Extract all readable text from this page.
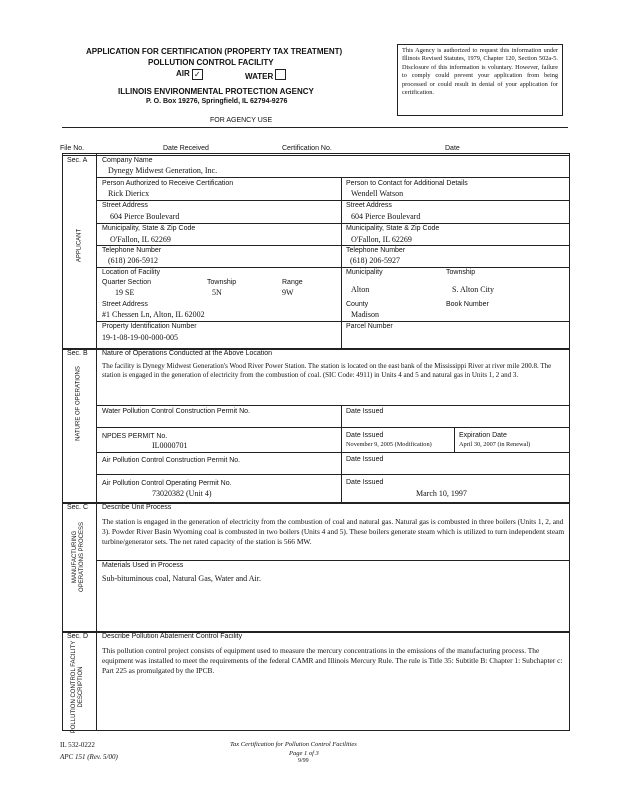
APPLICATION FOR CERTIFICATION (PROPERTY TAX TREATMENT)
POLLUTION CONTROL FACILITY
AIR ✓	WATER
ILLINOIS ENVIRONMENTAL PROTECTION AGENCY
P. O. Box 19276, Springfield, IL 62794-9276
This Agency is authorized to request this information under Illinois Revised Statutes, 1979, Chapter 120, Section 502a-5. Disclosure of this information is voluntary. However, failure to comply could prevent your application from being processed or could result in denial of your application for certification.
FOR AGENCY USE
File No.	Date Received	Certification No.	Date
Sec. A
APPLICANT
Company Name
Dynegy Midwest Generation, Inc.
Person Authorized to Receive Certification
Rick Diericx
Person to Contact for Additional Details
Wendell Watson
Street Address
604 Pierce Boulevard
Street Address
604 Pierce Boulevard
Municipality, State & Zip Code
O'Fallon, IL 62269
Municipality, State & Zip Code
O'Fallon, IL 62269
Telephone Number
(618) 206-5912
Telephone Number
(618) 206-5927
Location of Facility
Quarter Section
19 SE
Township
5N
Range
9W
Municipality
Alton
Township
S. Alton City
Street Address
#1 Chessen Ln, Alton, IL 62002
County
Madison
Book Number
Property Identification Number
19-1-08-19-00-000-005
Parcel Number
Sec. B
NATURE OF OPERATIONS
Nature of Operations Conducted at the Above Location
The facility is Dynegy Midwest Generation's Wood River Power Station. The station is located on the east bank of the Mississippi River at river mile 200.8. The station is engaged in the generation of electricity from the combustion of coal. (SIC Code: 4911) in Units 4 and 5 and natural gas in Units 1, 2 and 3.
Water Pollution Control Construction Permit No.	Date Issued
NPDES PERMIT No.
IL0000701
Date Issued
November 9, 2005 (Modification)
Expiration Date
April 30, 2007 (in Renewal)
Air Pollution Control Construction Permit No.	Date Issued
Air Pollution Control Operating Permit No.
73020382 (Unit 4)
Date Issued
March 10, 1997
Sec. C
MANUFACTURING OPERATIONS PROCESS
Describe Unit Process
The station is engaged in the generation of electricity from the combustion of coal and natural gas. Natural gas is combusted in three boilers (Units 1, 2, and 3). Powder River Basin Wyoming coal is combusted in two boilers (Units 4 and 5). These boilers generate steam which is utilized to turn independent steam turbine/generator sets. The net rated capacity of the station is 566 MW.
Materials Used in Process
Sub-bituminous coal, Natural Gas, Water and Air.
Sec. D
POLLUTION CONTROL FACILITY DESCRIPTION
Describe Pollution Abatement Control Facility
This pollution control project consists of equipment used to measure the mercury concentrations in the emissions of the manufacturing process. The equipment was installed to meet the requirements of the federal CAMR and Illinois Mercury Rule. The rule is Title 35: Subtitle B: Chapter 1: Subchapter c: Part 225 as promulgated by the IPCB.
IL 532-0222
APC 151 (Rev. 5/00)
Tax Certification for Pollution Control Facilities
Page 1 of 3
9/99
